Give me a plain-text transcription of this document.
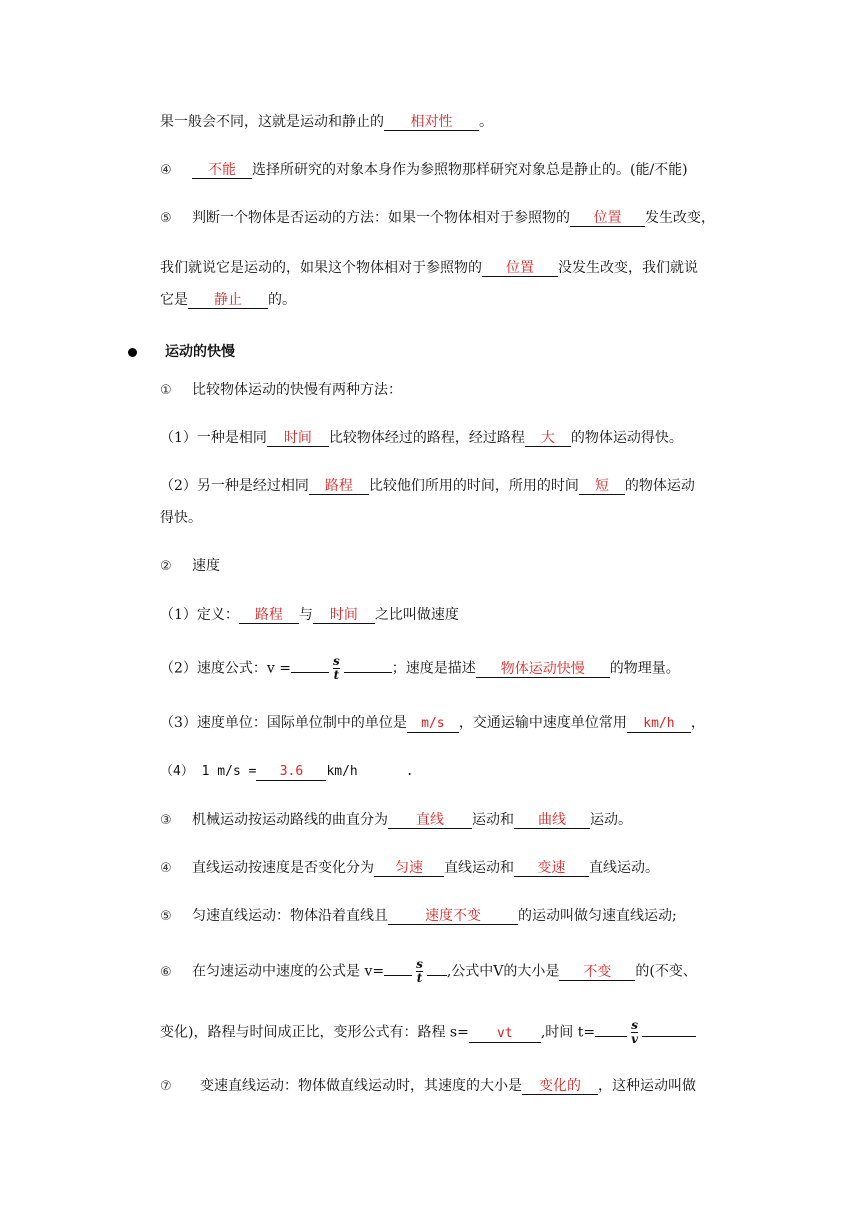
果一般会不同，这就是运动和静止的 相对性 。
④	不能 选择所研究的对象本身作为参照物那样研究对象总是静止的。(能/不能)
⑤ 判断一个物体是否运动的方法：如果一个物体相对于参照物的 位置 发生改变，
我们就说它是运动的，如果这个物体相对于参照物的 位置 没发生改变，我们就说
它是 静止 的。
运动的快慢
① 比较物体运动的快慢有两种方法：
（1）一种是相同 时间 比较物体经过的路程，经过路程 大 的物体运动得快。
（2）另一种是经过相同 路程 比较他们所用的时间，所用的时间 短 的物体运动
得快。
② 速度
（1）定义： 路程 与 时间 之比叫做速度
（2）速度公式：v =	$\frac{s}{t}$	；速度是描述 物体运动快慢 的物理量。
（3）速度单位：国际单位制中的单位是 m/s ，交通运输中速度单位常用 km/h ，
（4） 1 m/s = 3.6 km/h	.
③ 机械运动按运动路线的曲直分为 直线 运动和 曲线 运动。
④ 直线运动按速度是否变化分为 匀速 直线运动和 变速 直线运动。
⑤ 匀速直线运动：物体沿着直线且	速度不变	的运动叫做匀速直线运动;
⑥ 在匀速运动中速度的公式是 v=	$\frac{s}{t}$ ,公式中V的大小是 不变 的(不变、
变化)，路程与时间成正比，变形公式有：路程 s= vt ,时间 t=	$\frac{s}{v}$
⑦ 变速直线运动：物体做直线运动时，其速度的大小是 变化的 ，这种运动叫做
